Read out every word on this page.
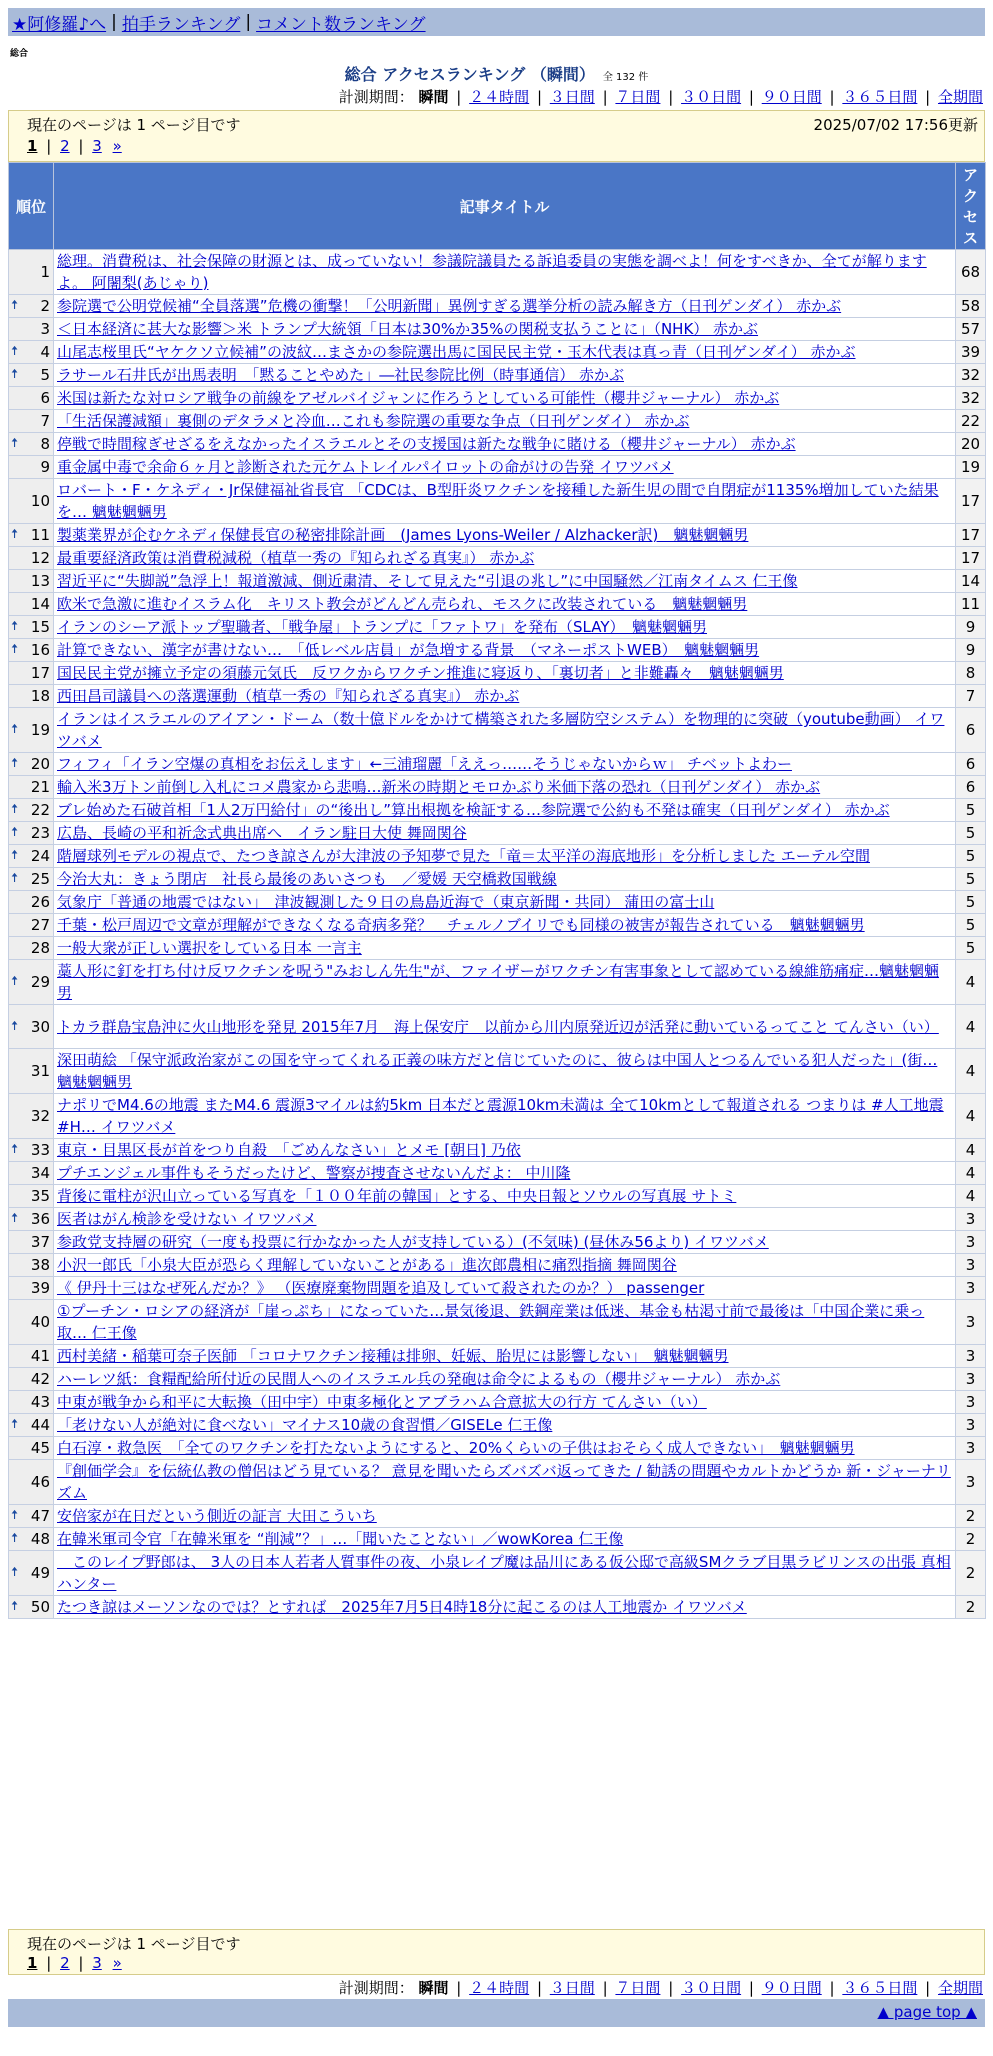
★阿修羅♪へ | 拍手ランキング | コメント数ランキング
総合
総合 アクセスランキング （瞬間） 全 132 件
計測期間： 瞬間 | ２４時間 | ３日間 | ７日間 | ３０日間 | ９０日間 | ３６５日間 | 全期間
現在のページは 1 ページ目です	2025/07/02 17:56更新
1 | 2 | 3 »
順位	記事タイトル	アクセス
1	総理。消費税は、社会保障の財源とは、成っていない！参議院議員たる訴追委員の実態を調べよ！何をすべきか、全てが解りますよ。 阿闍梨(あじゃり)	68

🠅 2	参院選で公明党候補“全員落選”危機の衝撃！「公明新聞」異例すぎる選挙分析の読み解き方（日刊ゲンダイ） 赤かぶ	58
3	＜日本経済に甚大な影響＞米 トランプ大統領「日本は30%か35%の関税支払うことに」（NHK） 赤かぶ	57

🠅 4	山尾志桜里氏“ヤケクソ立候補”の波紋…まさかの参院選出馬に国民民主党・玉木代表は真っ青（日刊ゲンダイ） 赤かぶ	39

🠅 5	ラサール石井氏が出馬表明　「黙ることやめた」―社民参院比例（時事通信） 赤かぶ	32
6	米国は新たな対ロシア戦争の前線をアゼルバイジャンに作ろうとしている可能性（櫻井ジャーナル） 赤かぶ	32
7	「生活保護減額」裏側のデタラメと冷血…これも参院選の重要な争点（日刊ゲンダイ） 赤かぶ	22

🠅 8	停戦で時間稼ぎせざるをえなかったイスラエルとその支援国は新たな戦争に賭ける（櫻井ジャーナル） 赤かぶ	20
9	重金属中毒で余命６ヶ月と診断された元ケムトレイルパイロットの命がけの告発 イワツバメ	19
10	ロバート・F・ケネディ・Jr保健福祉省長官 「CDCは、B型肝炎ワクチンを接種した新生児の間で自閉症が1135%増加していた結果を… 魑魅魍魎男	17

🠅 11	製薬業界が企むケネディ保健長官の秘密排除計画　(James Lyons-Weiler / Alzhacker訳)　魑魅魍魎男	17
12	最重要経済政策は消費税減税（植草一秀の『知られざる真実』） 赤かぶ	17
13	習近平に“失脚説”急浮上！報道激減、側近粛清、そして見えた“引退の兆し”に中国騒然／江南タイムス 仁王像	14
14	欧米で急激に進むイスラム化　キリスト教会がどんどん売られ、モスクに改装されている　魑魅魍魎男	11

🠅 15	イランのシーア派トップ聖職者、「戦争屋」トランプに「ファトワ」を発布（SLAY）　魑魅魍魎男	9

🠅 16	計算できない、漢字が書けない…　「低レベル店員」が急増する背景　（マネーポストWEB）　魑魅魍魎男	9
17	国民民主党が擁立予定の須藤元気氏　反ワクからワクチン推進に寝返り、「裏切者」と非難轟々　魑魅魍魎男	8
18	西田昌司議員への落選運動（植草一秀の『知られざる真実』） 赤かぶ	7

🠅 19	イランはイスラエルのアイアン・ドーム（数十億ドルをかけて構築された多層防空システム）を物理的に突破（youtube動画） イワツバメ	6

🠅 20	フィフィ「イラン空爆の真相をお伝えします」←三浦瑠麗「ええっ……そうじゃないからｗ」 チベットよわー	6
21	輸入米3万トン前倒し入札にコメ農家から悲鳴…新米の時期とモロかぶり米価下落の恐れ（日刊ゲンダイ） 赤かぶ	6

🠅 22	ブレ始めた石破首相「1人2万円給付」の“後出し”算出根拠を検証する…参院選で公約も不発は確実（日刊ゲンダイ） 赤かぶ	5

🠅 23	広島、長崎の平和祈念式典出席へ　イラン駐日大使 舞岡関谷	5

🠅 24	階層球列モデルの視点で、たつき諒さんが大津波の予知夢で見た「竜＝太平洋の海底地形」を分析しました エーテル空間	5

🠅 25	今治大丸：きょう閉店　社長ら最後のあいさつも　／愛媛 天空橋救国戦線	5
26	気象庁「普通の地震ではない」　津波観測した９日の鳥島近海で（東京新聞・共同） 蒲田の富士山	5
27	千葉・松戸周辺で文章が理解ができなくなる奇病多発？　チェルノブイリでも同様の被害が報告されている　魑魅魍魎男	5
28	一般大衆が正しい選択をしている日本 一言主	5

🠅 29	藁人形に釘を打ち付け反ワクチンを呪う"みおしん先生"が、ファイザーがワクチン有害事象として認めている線維筋痛症…魑魅魍魎男	4

🠅 30	トカラ群島宝島沖に火山地形を発見 2015年7月　海上保安庁　以前から川内原発近辺が活発に動いているってこと てんさい（い）	4
31	深田萌絵 「保守派政治家がこの国を守ってくれる正義の味方だと信じていたのに、彼らは中国人とつるんでいる犯人だった」(街… 魑魅魍魎男	4
32	ナポリでM4.6の地震 またM4.6 震源3マイルは約5km 日本だと震源10km未満は 全て10kmとして報道される つまりは #人工地震 #H… イワツバメ	4

🠅 33	東京・目黒区長が首をつり自殺　「ごめんなさい」とメモ [朝日] 乃依	4
34	プチエンジェル事件もそうだったけど、警察が捜査させないんだよ： 中川隆	4
35	背後に電柱が沢山立っている写真を「１００年前の韓国」とする、中央日報とソウルの写真展 サトミ	4

🠅 36	医者はがん検診を受けない イワツバメ	3
37	参政党支持層の研究（一度も投票に行かなかった人が支持している）(不気味) (昼休み56より) イワツバメ	3
38	小沢一郎氏「小泉大臣が恐らく理解していないことがある」進次郎農相に痛烈指摘 舞岡関谷	3
39	《 伊丹十三はなぜ死んだか？》 （医療廃棄物問題を追及していて殺されたのか？） passenger	3
40	①プーチン・ロシアの経済が「崖っぷち」になっていた…景気後退、鉄鋼産業は低迷、基金も枯渇寸前で最後は「中国企業に乗っ取… 仁王像	3
41	西村美緒・稲葉可奈子医師 「コロナワクチン接種は排卵、妊娠、胎児には影響しない」　魑魅魍魎男	3
42	ハーレツ紙：食糧配給所付近の民間人へのイスラエル兵の発砲は命令によるもの（櫻井ジャーナル） 赤かぶ	3
43	中東が戦争から和平に大転換（田中宇）中東多極化とアブラハム合意拡大の行方 てんさい（い）	3

🠅 44	「老けない人が絶対に食べない」マイナス10歳の食習慣／GISELe 仁王像	3
45	白石淳・救急医　「全てのワクチンを打たないようにすると、20%くらいの子供はおそらく成人できない」　魑魅魍魎男	3
46	『創価学会』を伝統仏教の僧侶はどう見ている？ 意見を聞いたらズバズバ返ってきた / 勧誘の問題やカルトかどうか 新・ジャーナリズム	3

🠅 47	安倍家が在日だという側近の証言 大田こういち	2

🠅 48	在韓米軍司令官「在韓米軍を “削減”？」…「聞いたことない」／wowKorea 仁王像	2

🠅 49	　このレイプ野郎は、 3人の日本人若者人質事件の夜、小泉レイプ魔は品川にある仮公邸で高級SMクラブ目黒ラビリンスの出張 真相ハンター	2

🠅 50	たつき諒はメーソンなのでは？とすれば　2025年7月5日4時18分に起こるのは人工地震か イワツバメ	2
現在のページは 1 ページ目です
1 | 2 | 3 »
計測期間： 瞬間 | ２４時間 | ３日間 | ７日間 | ３０日間 | ９０日間 | ３６５日間 | 全期間
▲ page top ▲
